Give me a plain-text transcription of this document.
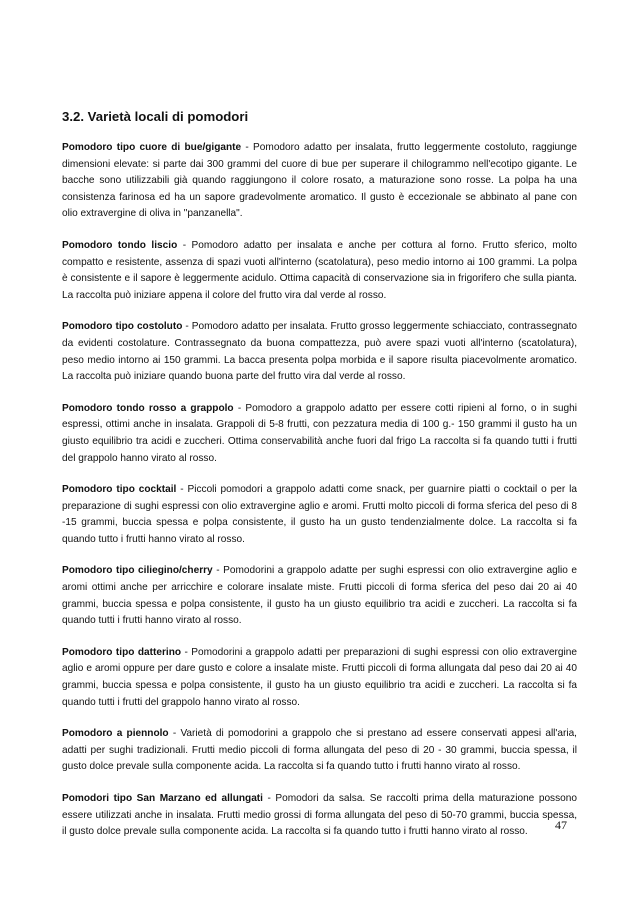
3.2. Varietà locali di pomodori

Pomodoro tipo cuore di bue/gigante - Pomodoro adatto per insalata, frutto leggermente costoluto, raggiunge dimensioni elevate: si parte dai 300 grammi del cuore di bue per superare il chilogrammo nell'ecotipo gigante. Le bacche sono utilizzabili già quando raggiungono il colore rosato, a maturazione sono rosse. La polpa ha una consistenza farinosa ed ha un sapore gradevolmente aromatico. Il gusto è eccezionale se abbinato al pane con olio extravergine di oliva in "panzanella".

Pomodoro tondo liscio - Pomodoro adatto per insalata e anche per cottura al forno. Frutto sferico, molto compatto e resistente, assenza di spazi vuoti all'interno (scatolatura), peso medio intorno ai 100 grammi. La polpa è consistente e il sapore è leggermente acidulo. Ottima capacità di conservazione sia in frigorifero che sulla pianta. La raccolta può iniziare appena il colore del frutto vira dal verde al rosso.

Pomodoro tipo costoluto - Pomodoro adatto per insalata. Frutto grosso leggermente schiacciato, contrassegnato da evidenti costolature. Contrassegnato da buona compattezza, può avere spazi vuoti all'interno (scatolatura), peso medio intorno ai 150 grammi. La bacca presenta polpa morbida e il sapore risulta piacevolmente aromatico. La raccolta può iniziare quando buona parte del frutto vira dal verde al rosso.

Pomodoro tondo rosso a grappolo - Pomodoro a grappolo adatto per essere cotti ripieni al forno, o in sughi espressi, ottimi anche in insalata. Grappoli di 5-8 frutti, con pezzatura media di 100 g.- 150 grammi il gusto ha un giusto equilibrio tra acidi e zuccheri. Ottima conservabilità anche fuori dal frigo La raccolta si fa quando tutti i frutti del grappolo hanno virato al rosso.

Pomodoro tipo cocktail - Piccoli pomodori a grappolo adatti come snack, per guarnire piatti o cocktail o per la preparazione di sughi espressi con olio extravergine aglio e aromi. Frutti molto piccoli di forma sferica del peso di 8 -15 grammi, buccia spessa e polpa consistente, il gusto ha un gusto tendenzialmente dolce. La raccolta si fa quando tutto i frutti hanno virato al rosso.

Pomodoro tipo ciliegino/cherry - Pomodorini a grappolo adatte per sughi espressi con olio extravergine aglio e aromi ottimi anche per arricchire e colorare insalate miste. Frutti piccoli di forma sferica del peso dai 20 ai 40 grammi, buccia spessa e polpa consistente, il gusto ha un giusto equilibrio tra acidi e zuccheri. La raccolta si fa quando tutti i frutti hanno virato al rosso.

Pomodoro tipo datterino - Pomodorini a grappolo adatti per preparazioni di sughi espressi con olio extravergine aglio e aromi oppure per dare gusto e colore a insalate miste. Frutti piccoli di forma allungata dal peso dai 20 ai 40 grammi, buccia spessa e polpa consistente, il gusto ha un giusto equilibrio tra acidi e zuccheri. La raccolta si fa quando tutti i frutti del grappolo hanno virato al rosso.

Pomodoro a piennolo - Varietà di pomodorini a grappolo che si prestano ad essere conservati appesi all'aria, adatti per sughi tradizionali. Frutti medio piccoli di forma allungata del peso di 20 - 30 grammi, buccia spessa, il gusto dolce prevale sulla componente acida. La raccolta si fa quando tutto i frutti hanno virato al rosso.

Pomodori tipo San Marzano ed allungati - Pomodori da salsa. Se raccolti prima della maturazione possono essere utilizzati anche in insalata. Frutti medio grossi di forma allungata del peso di 50-70 grammi, buccia spessa, il gusto dolce prevale sulla componente acida. La raccolta si fa quando tutto i frutti hanno virato al rosso.	47
